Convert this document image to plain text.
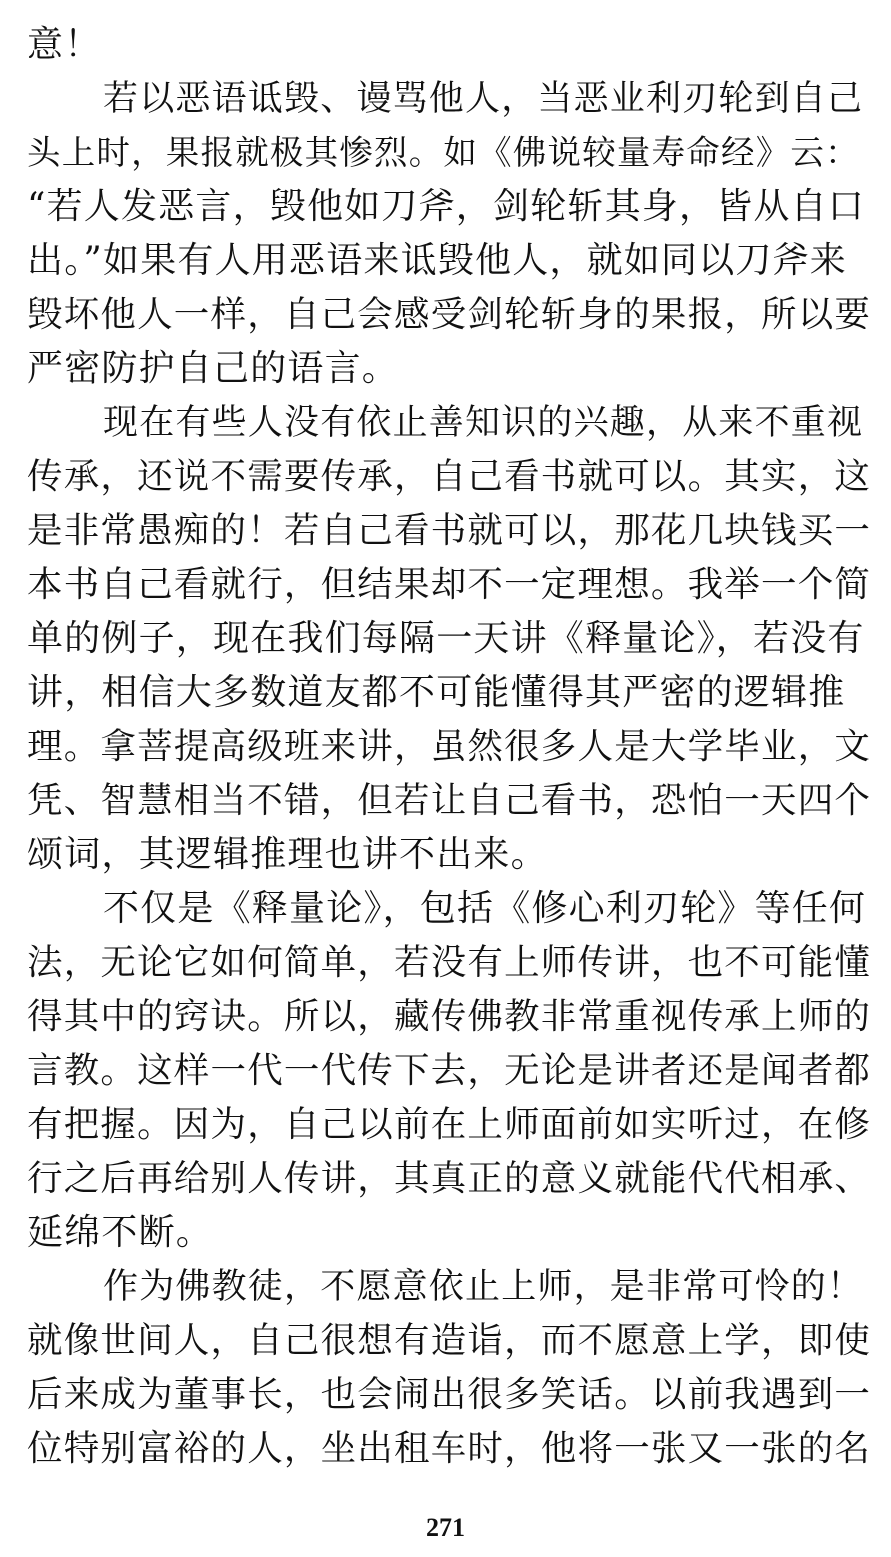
意！
若以恶语诋毁、谩骂他人，当恶业利刃轮到自己
头上时，果报就极其惨烈。如《佛说较量寿命经》云：
“若人发恶言，毁他如刀斧，剑轮斩其身，皆从自口
出。”如果有人用恶语来诋毁他人，就如同以刀斧来
毁坏他人一样，自己会感受剑轮斩身的果报，所以要
严密防护自己的语言。
现在有些人没有依止善知识的兴趣，从来不重视
传承，还说不需要传承，自己看书就可以。其实，这
是非常愚痴的！若自己看书就可以，那花几块钱买一
本书自己看就行，但结果却不一定理想。我举一个简
单的例子，现在我们每隔一天讲《释量论》，若没有
讲，相信大多数道友都不可能懂得其严密的逻辑推
理。拿菩提高级班来讲，虽然很多人是大学毕业，文
凭、智慧相当不错，但若让自己看书，恐怕一天四个
颂词，其逻辑推理也讲不出来。
不仅是《释量论》，包括《修心利刃轮》等任何
法，无论它如何简单，若没有上师传讲，也不可能懂
得其中的窍诀。所以，藏传佛教非常重视传承上师的
言教。这样一代一代传下去，无论是讲者还是闻者都
有把握。因为，自己以前在上师面前如实听过，在修
行之后再给别人传讲，其真正的意义就能代代相承、
延绵不断。
作为佛教徒，不愿意依止上师，是非常可怜的！
就像世间人，自己很想有造诣，而不愿意上学，即使
后来成为董事长，也会闹出很多笑话。以前我遇到一
位特别富裕的人，坐出租车时，他将一张又一张的名
271
